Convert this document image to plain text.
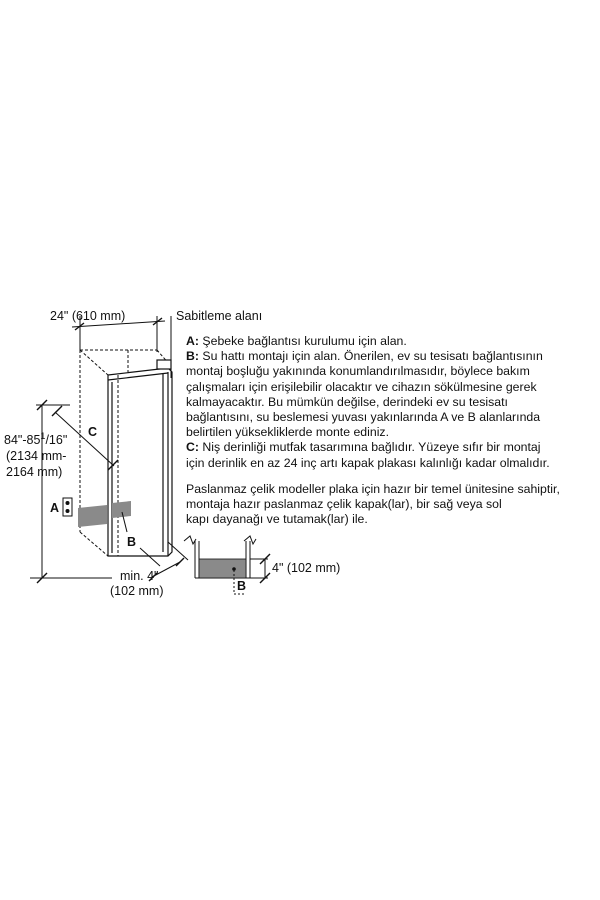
24" (610 mm)	Sabitleme alanı
A
$84"-85^1/16$"
(2134 mm-
2164 mm)
C
B
min. 4"
(102 mm)	B
4" (102 mm)

A: Şebeke bağlantısı kurulumu için alan.

B: Su hattı montajı için alan. Önerilen, ev su tesisatı bağlantısının

montaj boşluğu yakınında konumlandırılmasıdır, böylece bakım

çalışmaları için erişilebilir olacaktır ve cihazın sökülmesine gerek

kalmayacaktır. Bu mümkün değilse, derindeki ev su tesisatı

bağlantısını, su beslemesi yuvası yakınlarında A ve B alanlarında

belirtilen yüksekliklerde monte ediniz.

C: Niş derinliği mutfak tasarımına bağlıdır. Yüzeye sıfır bir montaj

için derinlik en az 24 inç artı kapak plakası kalınlığı kadar olmalıdır.

Paslanmaz çelik modeller plaka için hazır bir temel ünitesine sahiptir,

montaja hazır paslanmaz çelik kapak(lar), bir sağ veya sol

kapı dayanağı ve tutamak(lar) ile.
